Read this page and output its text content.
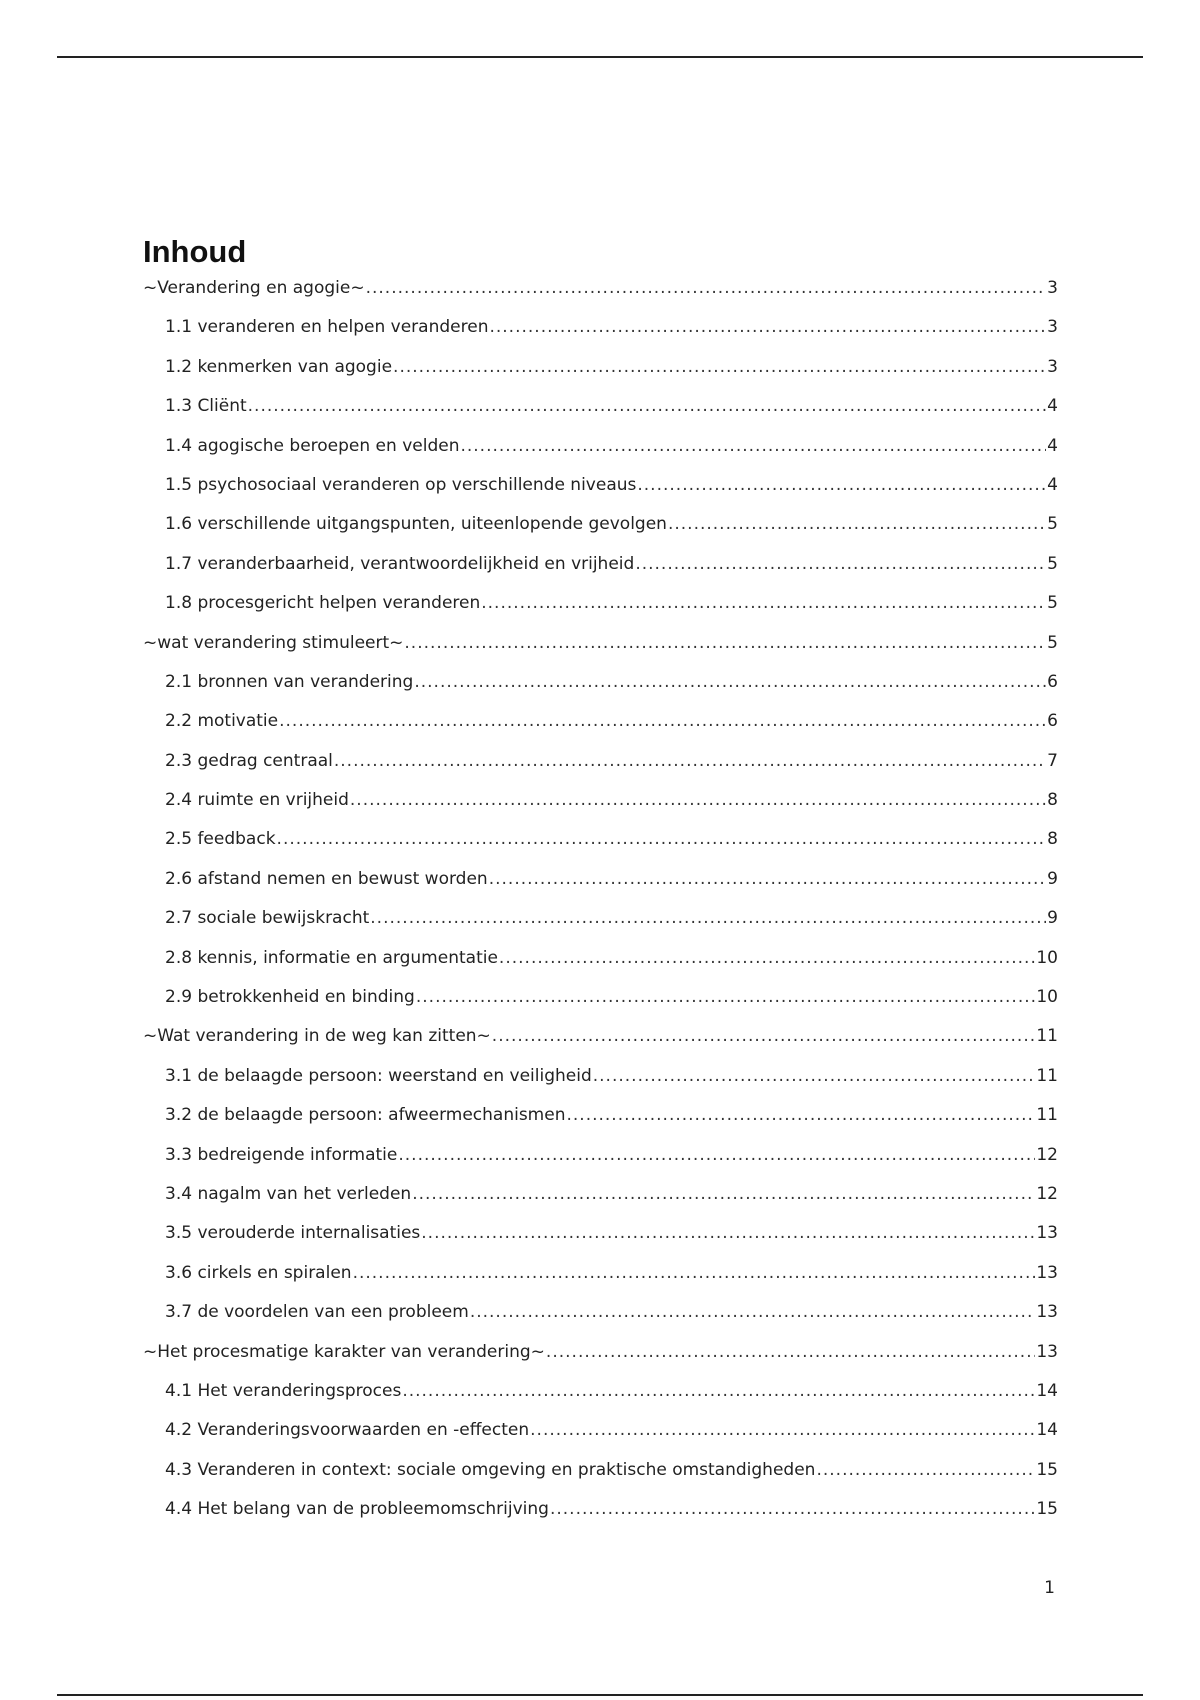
Inhoud
~Verandering en agogie~ .....	3
1.1 veranderen en helpen veranderen .....	3
1.2 kenmerken van agogie .....	3
1.3 Cliënt .....	4
1.4 agogische beroepen en velden .....	4
1.5 psychosociaal veranderen op verschillende niveaus .....	4
1.6 verschillende uitgangspunten, uiteenlopende gevolgen .....	5
1.7 veranderbaarheid, verantwoordelijkheid en vrijheid .....	5
1.8 procesgericht helpen veranderen .....	5
~wat verandering stimuleert~ .....	5
2.1 bronnen van verandering .....	6
2.2 motivatie .....	6
2.3 gedrag centraal .....	7
2.4 ruimte en vrijheid .....	8
2.5 feedback .....	8
2.6 afstand nemen en bewust worden .....	9
2.7 sociale bewijskracht .....	9
2.8 kennis, informatie en argumentatie .....	10
2.9 betrokkenheid en binding .....	10
~Wat verandering in de weg kan zitten~ .....	11
3.1 de belaagde persoon: weerstand en veiligheid .....	11
3.2 de belaagde persoon: afweermechanismen .....	11
3.3 bedreigende informatie .....	12
3.4 nagalm van het verleden .....	12
3.5 verouderde internalisaties .....	13
3.6 cirkels en spiralen .....	13
3.7 de voordelen van een probleem .....	13
~Het procesmatige karakter van verandering~ .....	13
4.1 Het veranderingsproces .....	14
4.2 Veranderingsvoorwaarden en -effecten .....	14
4.3 Veranderen in context: sociale omgeving en praktische omstandigheden .....	15
4.4 Het belang van de probleemomschrijving .....	15
1
